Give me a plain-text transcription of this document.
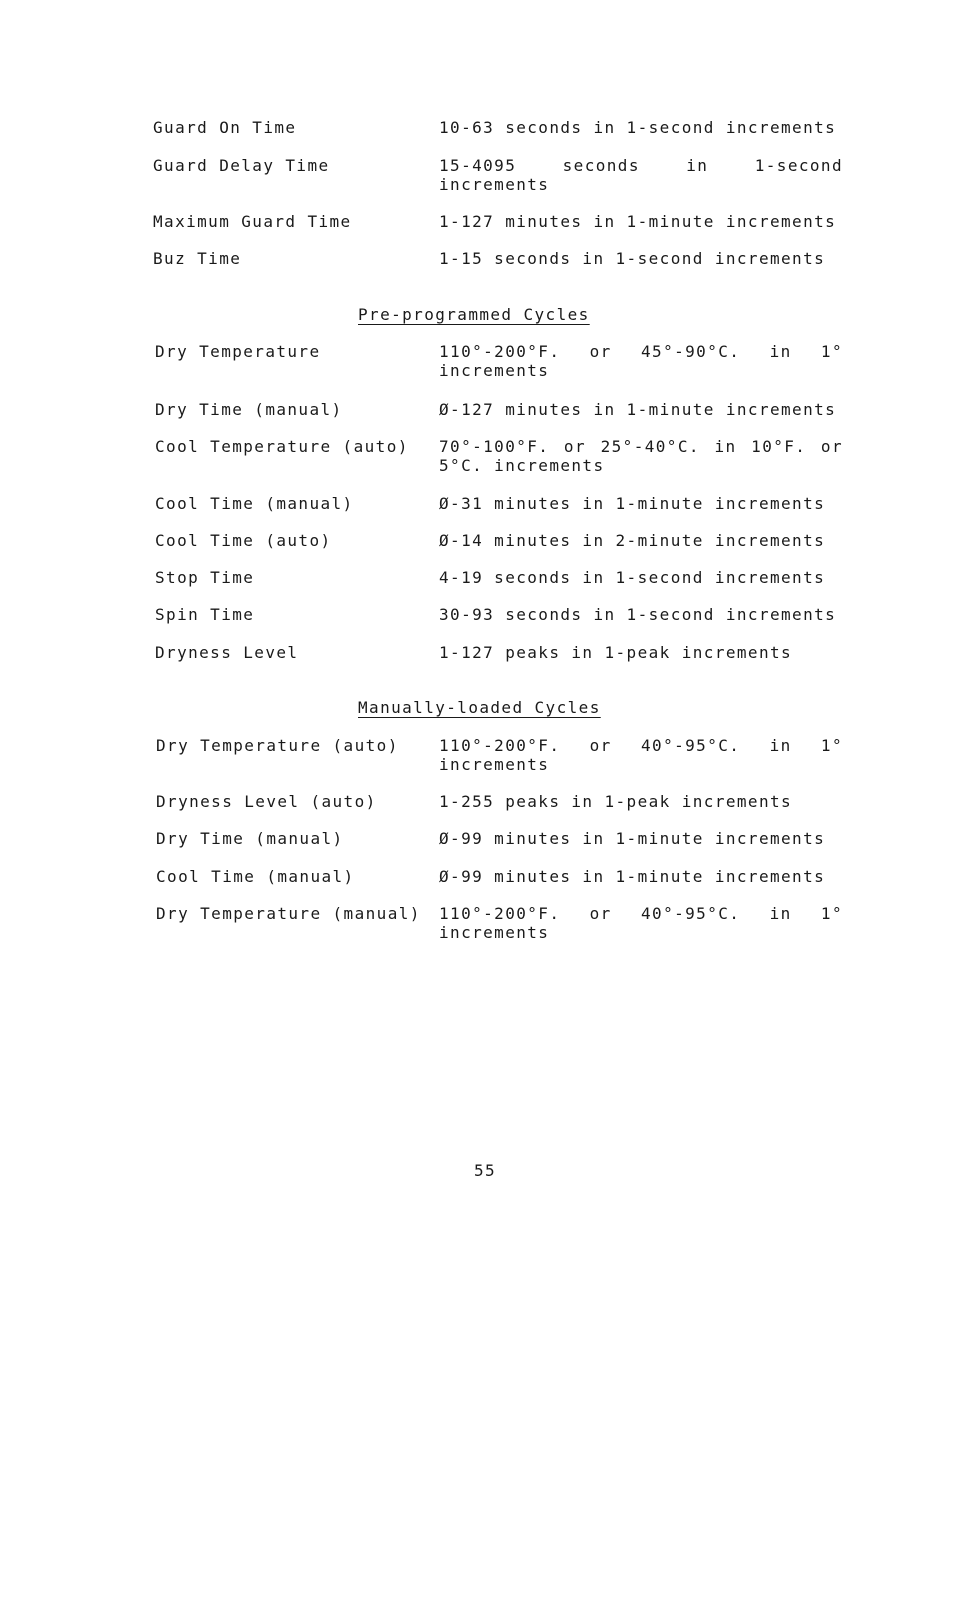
Guard On Time	10-63 seconds in 1-second increments
Guard Delay Time	15-4095 seconds in 1-second increments
Maximum Guard Time	1-127 minutes in 1-minute increments
Buz Time	1-15 seconds in 1-second increments
Pre-programmed Cycles
Dry Temperature	110°-200°F. or 45°-90°C. in 1° increments
Dry Time (manual)	Ø-127 minutes in 1-minute increments
Cool Temperature (auto) 70°-100°F. or 25°-40°C. in 10°F. or 5°C. increments
Cool Time (manual)	Ø-31 minutes in 1-minute increments
Cool Time (auto)	Ø-14 minutes in 2-minute increments
Stop Time	4-19 seconds in 1-second increments
Spin Time	30-93 seconds in 1-second increments
Dryness Level	1-127 peaks in 1-peak increments
Manually-loaded Cycles
Dry Temperature (auto)	110°-200°F. or 40°-95°C. in 1° increments
Dryness Level (auto)	1-255 peaks in 1-peak increments
Dry Time (manual)	Ø-99 minutes in 1-minute increments
Cool Time (manual)	Ø-99 minutes in 1-minute increments
Dry Temperature (manual) 110°-200°F. or 40°-95°C. in 1° increments
55
